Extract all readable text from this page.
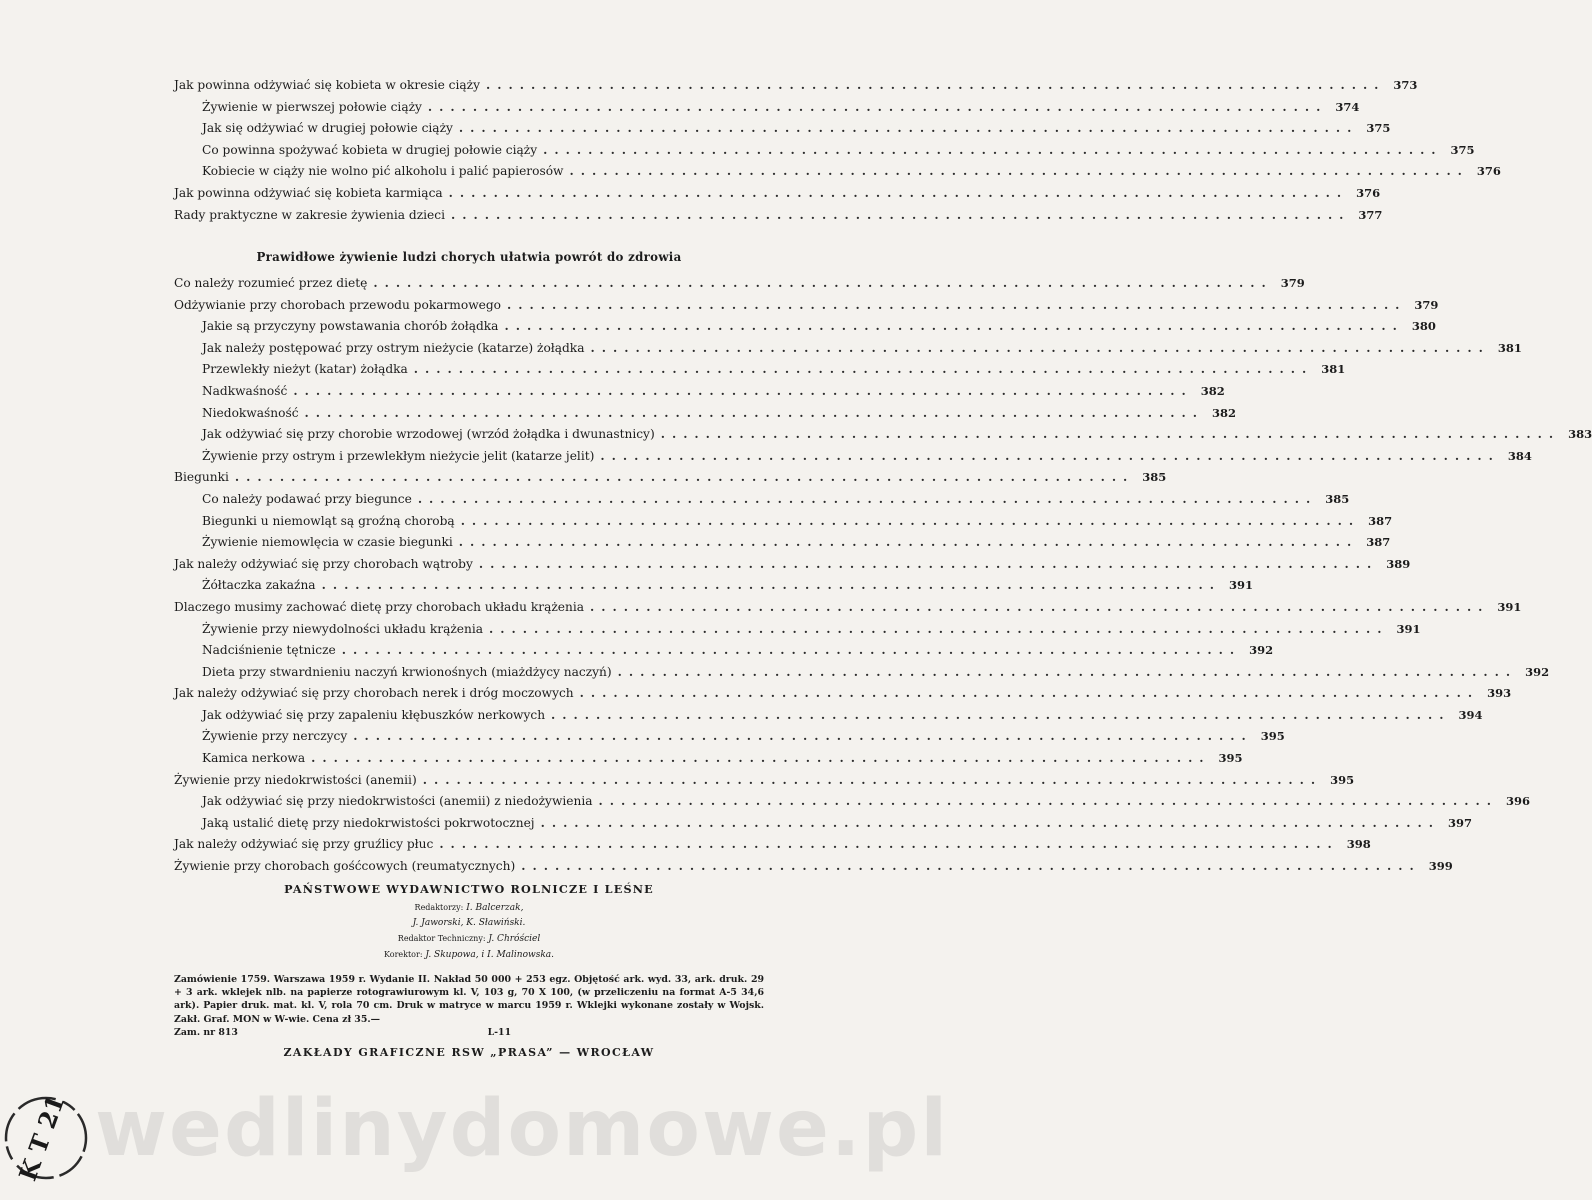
Jak powinna odżywiać się kobieta w okresie ciąży ................................................................................ 373
Żywienie w pierwszej połowie ciąży ................................................................................ 374
Jak się odżywiać w drugiej połowie ciąży ................................................................................ 375
Co powinna spożywać kobieta w drugiej połowie ciąży ................................................................................ 375
Kobiecie w ciąży nie wolno pić alkoholu i palić papierosów ................................................................................ 376
Jak powinna odżywiać się kobieta karmiąca ................................................................................ 376
Rady praktyczne w zakresie żywienia dzieci ................................................................................ 377
Prawidłowe żywienie ludzi chorych ułatwia powrót do zdrowia
Co należy rozumieć przez dietę ................................................................................ 379
Odżywianie przy chorobach przewodu pokarmowego ................................................................................ 379
Jakie są przyczyny powstawania chorób żołądka ................................................................................ 380
Jak należy postępować przy ostrym nieżycie (katarze) żołądka ................................................................................ 381
Przewlekły nieżyt (katar) żołądka ................................................................................ 381
Nadkwaśność ................................................................................ 382
Niedokwaśność ................................................................................ 382
Jak odżywiać się przy chorobie wrzodowej (wrzód żołądka i dwunastnicy) ................................................................................ 383
Żywienie przy ostrym i przewlekłym nieżycie jelit (katarze jelit) ................................................................................ 384
Biegunki ................................................................................ 385
Co należy podawać przy biegunce ................................................................................ 385
Biegunki u niemowląt są groźną chorobą ................................................................................ 387
Żywienie niemowlęcia w czasie biegunki ................................................................................ 387
Jak należy odżywiać się przy chorobach wątroby ................................................................................ 389
Żółtaczka zakaźna ................................................................................ 391
Dlaczego musimy zachować dietę przy chorobach układu krążenia ................................................................................ 391
Żywienie przy niewydolności układu krążenia ................................................................................ 391
Nadciśnienie tętnicze ................................................................................ 392
Dieta przy stwardnieniu naczyń krwionośnych (miażdżycy naczyń) ................................................................................ 392
Jak należy odżywiać się przy chorobach nerek i dróg moczowych ................................................................................ 393
Jak odżywiać się przy zapaleniu kłębuszków nerkowych ................................................................................ 394
Żywienie przy nerczycy ................................................................................ 395
Kamica nerkowa ................................................................................ 395
Żywienie przy niedokrwistości (anemii) ................................................................................ 395
Jak odżywiać się przy niedokrwistości (anemii) z niedożywienia ................................................................................ 396
Jaką ustalić dietę przy niedokrwistości pokrwotocznej ................................................................................ 397
Jak należy odżywiać się przy gruźlicy płuc ................................................................................ 398
Żywienie przy chorobach gośćcowych (reumatycznych) ................................................................................ 399
PAŃSTWOWE WYDAWNICTWO ROLNICZE I LEŚNE
Redaktorzy: I. Balcerzak,
J. Jaworski, K. Sławiński.
Redaktor Techniczny: J. Chróściel
Korektor: J. Skupowa, i I. Malinowska.
Zamówienie 1759. Warszawa 1959 r. Wydanie II. Nakład 50 000 + 253 egz. Objętość ark. wyd. 33, ark. druk. 29 + 3 ark. wklejek nlb. na papierze rotograwiurowym kl. V, 103 g, 70 X 100, (w przeliczeniu na format A-5 34,6 ark). Papier druk. mat. kl. V, rola 70 cm. Druk w matryce w marcu 1959 r. Wklejki wykonane zostały w Wojsk. Zakł. Graf. MON w W-wie. Cena zł 35.—
Zam. nr 813	L-11
ZAKŁADY GRAFICZNE RSW „PRASA” — WROCŁAW
wedlinydomowe.pl
K T 21
